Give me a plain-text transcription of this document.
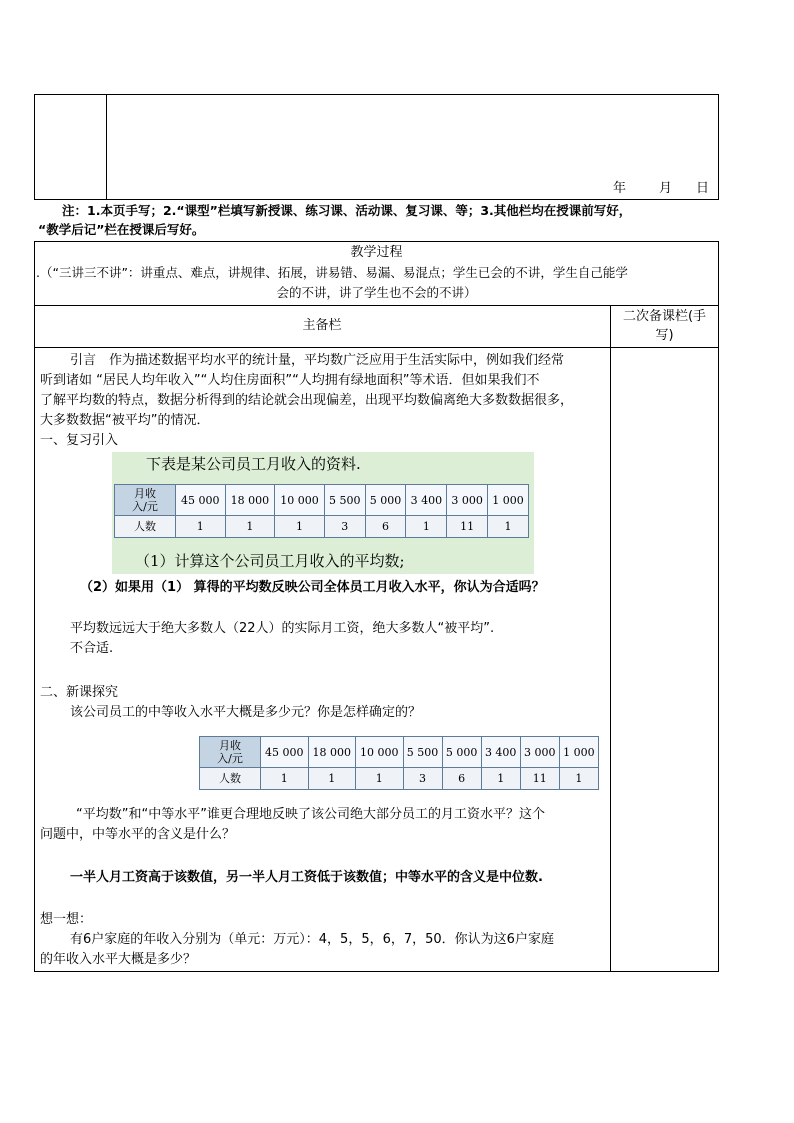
年	月 日
注：1.本页手写；2.“课型”栏填写新授课、练习课、活动课、复习课、等；3.其他栏均在授课前写好，
“教学后记”栏在授课后写好。
教学过程
.（“三讲三不讲”：讲重点、难点，讲规律、拓展，讲易错、易漏、易混点；学生已会的不讲，学生自己能学
会的不讲，讲了学生也不会的不讲）
主备栏
二次备课栏(手
写)
引言　作为描述数据平均水平的统计量，平均数广泛应用于生活实际中，例如我们经常
听到诸如 “居民人均年收入”“人均住房面积”“人均拥有绿地面积”等术语．但如果我们不
了解平均数的特点，数据分析得到的结论就会出现偏差，出现平均数偏离绝大多数数据很多，
大多数数据“被平均”的情况．
一、复习引入
下表是某公司员工月收入的资料.
月收
入/元	45 000	18 000	10 000	5 500	5 000	3 400	3 000	1 000
人数	1	1	1	3	6	1	11	1
（1）计算这个公司员工月收入的平均数;
（2）如果用（1） 算得的平均数反映公司全体员工月收入水平，你认为合适吗？
平均数远远大于绝大多数人（22人）的实际月工资，绝大多数人“被平均”.
不合适.
二、新课探究
该公司员工的中等收入水平大概是多少元？你是怎样确定的？
月收
入/元	45 000	18 000	10 000	5 500	5 000	3 400	3 000	1 000
人数	1	1	1	3	6	1	11	1
“平均数”和“中等水平”谁更合理地反映了该公司绝大部分员工的月工资水平？这个
问题中，中等水平的含义是什么？
一半人月工资高于该数值，另一半人月工资低于该数值；中等水平的含义是中位数.
想一想：
有6户家庭的年收入分别为（单元：万元）：4，5，5，6，7，50．你认为这6户家庭
的年收入水平大概是多少？
